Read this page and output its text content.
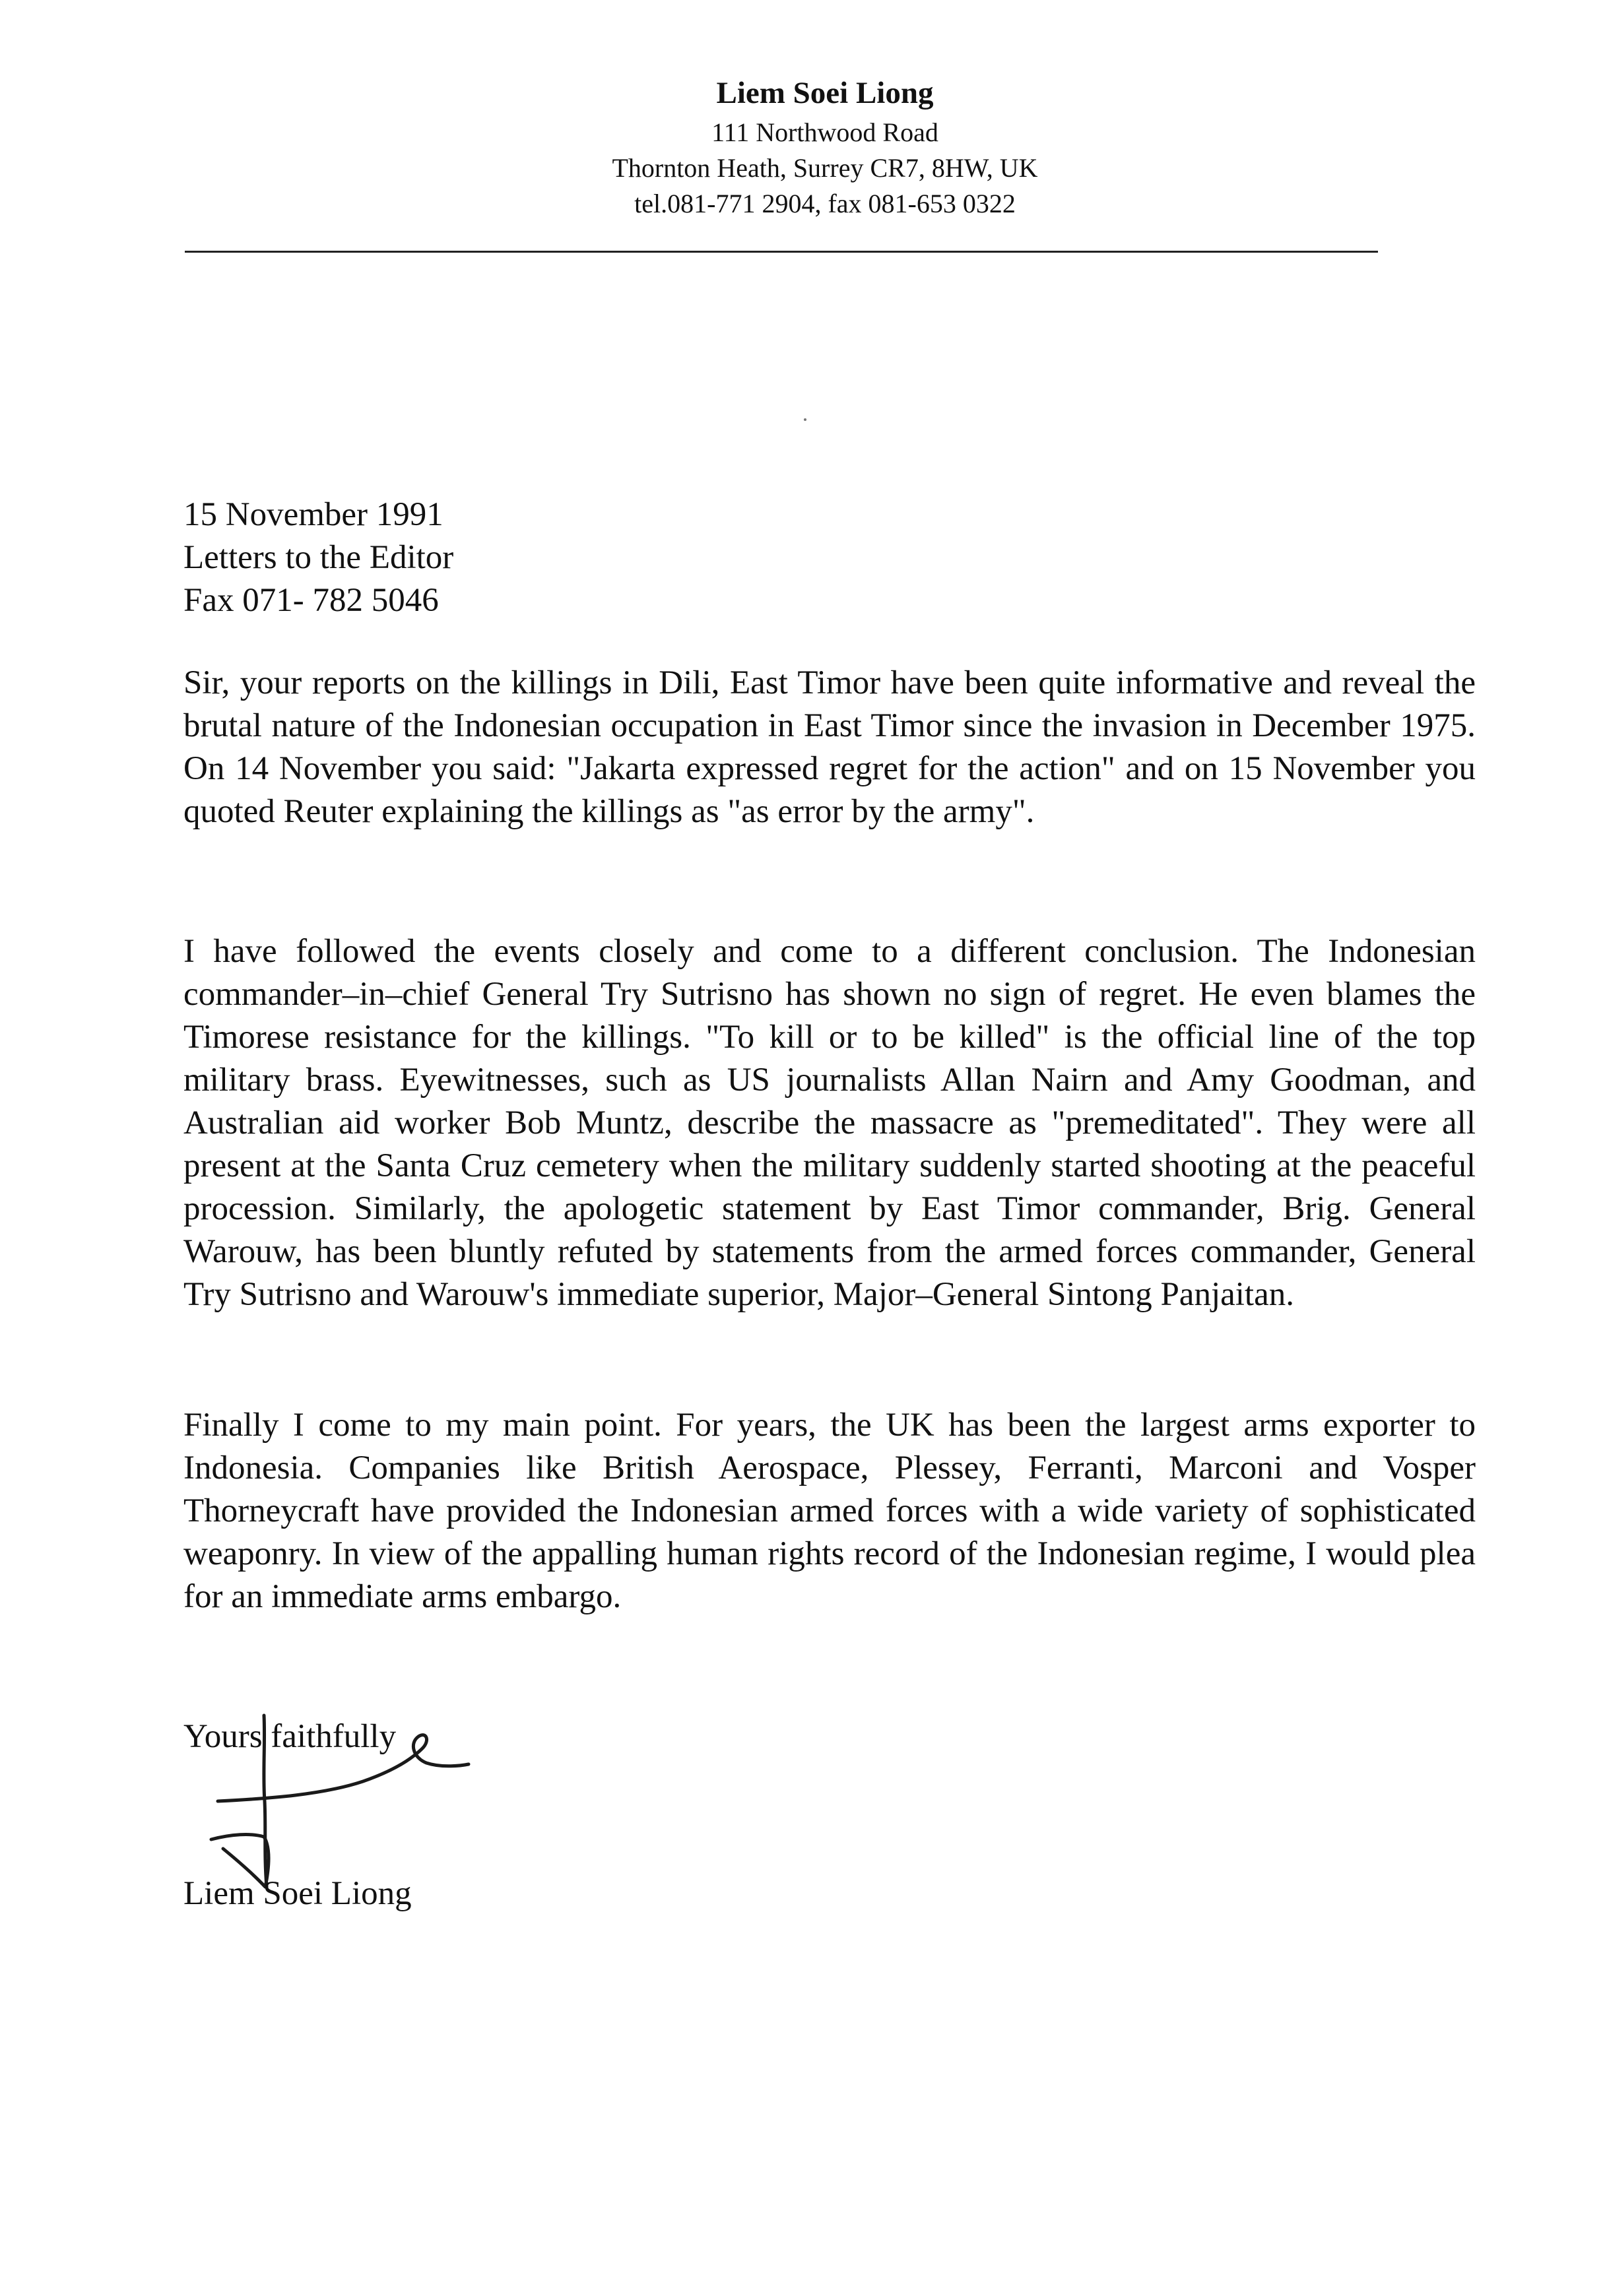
Liem Soei Liong
111 Northwood Road
Thornton Heath, Surrey CR7, 8HW, UK
tel.081-771 2904, fax 081-653 0322
15 November 1991
Letters to the Editor
Fax 071- 782 5046

Sir, your reports on the killings in Dili, East Timor have been quite informative and reveal the brutal nature of the Indonesian occupation in East Timor since the invasion in December 1975. On 14 November you said: "Jakarta expressed regret for the action" and on 15 November you quoted Reuter explaining the killings as "as error by the army".

I have followed the events closely and come to a different conclusion. The Indonesian commander–in–chief General Try Sutrisno has shown no sign of regret. He even blames the Timorese resistance for the killings. "To kill or to be killed" is the official line of the top military brass. Eyewitnesses, such as US journalists Allan Nairn and Amy Goodman, and Australian aid worker Bob Muntz, describe the massacre as "premeditated". They were all present at the Santa Cruz cemetery when the military suddenly started shooting at the peaceful procession. Similarly, the apologetic statement by East Timor commander, Brig. General Warouw, has been bluntly refuted by statements from the armed forces commander, General Try Sutrisno and Warouw's immediate superior, Major–General Sintong Panjaitan.

Finally I come to my main point. For years, the UK has been the largest arms exporter to Indonesia. Companies like British Aerospace, Plessey, Ferranti, Marconi and Vosper Thorneycraft have provided the Indonesian armed forces with a wide variety of sophisticated weaponry. In view of the appalling human rights record of the Indonesian regime, I would plea for an immediate arms embargo.

Yours faithfully
Liem Soei Liong
